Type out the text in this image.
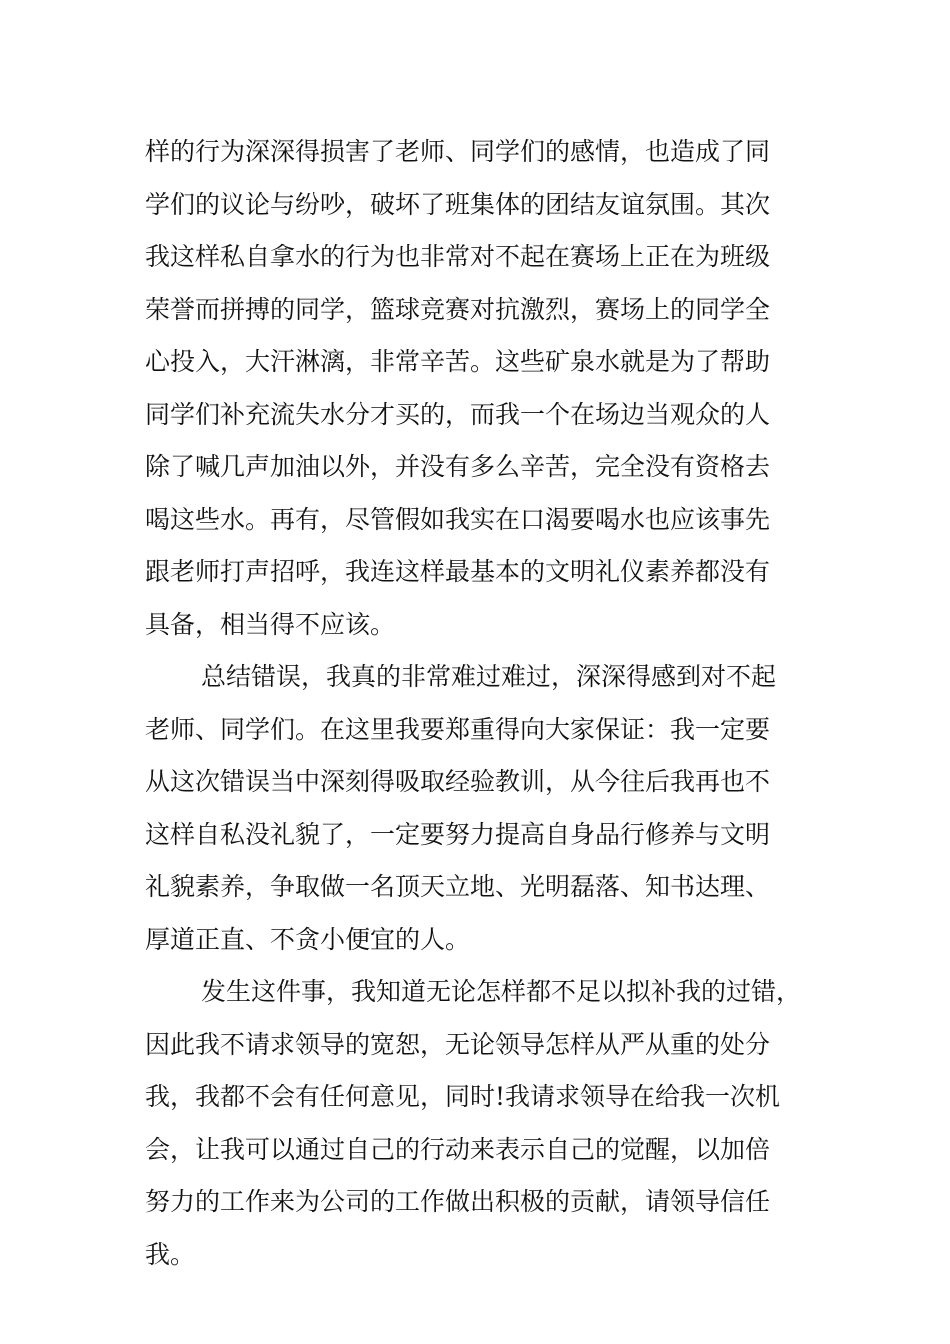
样的行为深深得损害了老师、同学们的感情，也造成了同
学们的议论与纷吵，破坏了班集体的团结友谊氛围。其次
我这样私自拿水的行为也非常对不起在赛场上正在为班级
荣誉而拼搏的同学，篮球竞赛对抗激烈，赛场上的同学全
心投入，大汗淋漓，非常辛苦。这些矿泉水就是为了帮助
同学们补充流失水分才买的，而我一个在场边当观众的人
除了喊几声加油以外，并没有多么辛苦，完全没有资格去
喝这些水。再有，尽管假如我实在口渴要喝水也应该事先
跟老师打声招呼，我连这样最基本的文明礼仪素养都没有
具备，相当得不应该。
总结错误，我真的非常难过难过，深深得感到对不起
老师、同学们。在这里我要郑重得向大家保证：我一定要
从这次错误当中深刻得吸取经验教训，从今往后我再也不
这样自私没礼貌了，一定要努力提高自身品行修养与文明
礼貌素养，争取做一名顶天立地、光明磊落、知书达理、
厚道正直、不贪小便宜的人。
发生这件事，我知道无论怎样都不足以拟补我的过错，
因此我不请求领导的宽恕，无论领导怎样从严从重的处分
我，我都不会有任何意见，同时!我请求领导在给我一次机
会，让我可以通过自己的行动来表示自己的觉醒，以加倍
努力的工作来为公司的工作做出积极的贡献，请领导信任
我。
